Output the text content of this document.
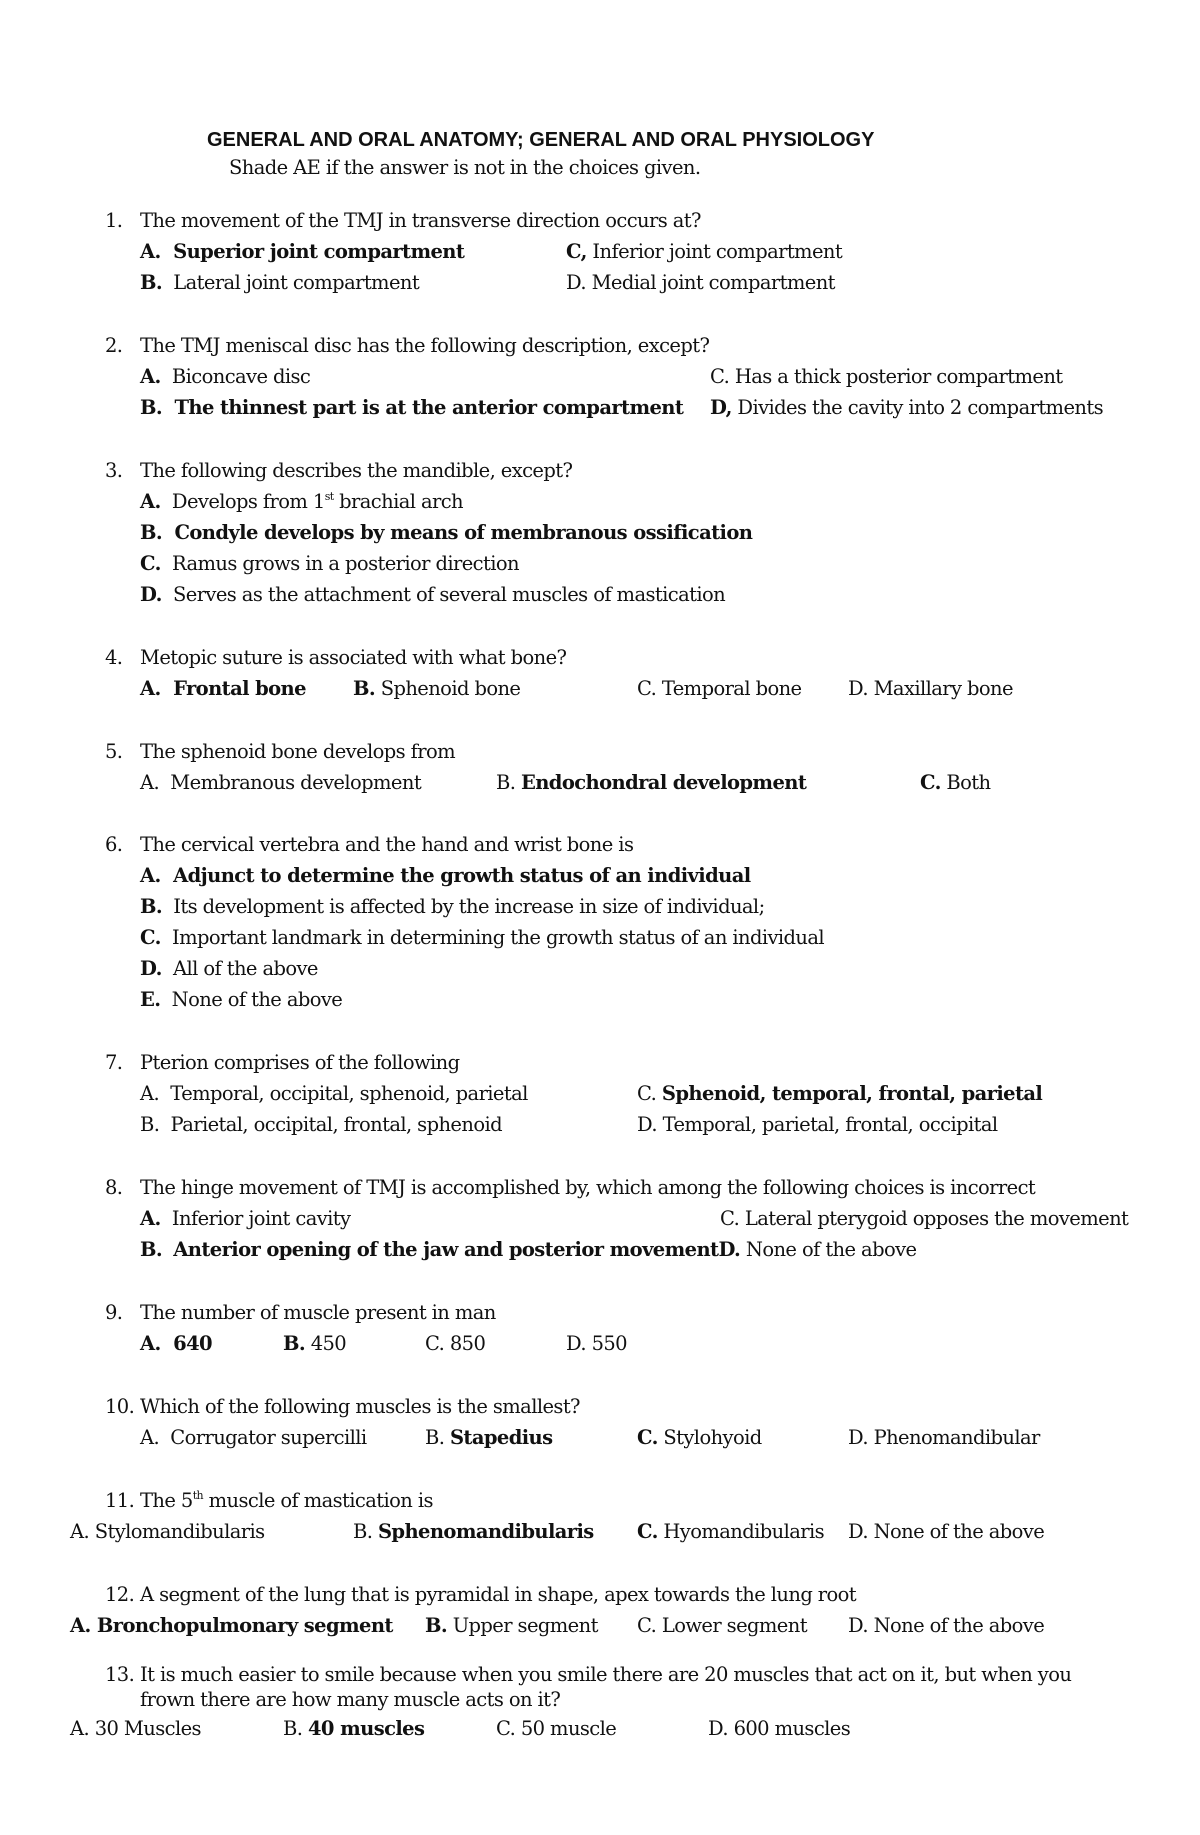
GENERAL AND ORAL ANATOMY; GENERAL AND ORAL PHYSIOLOGY
Shade AE if the answer is not in the choices given.
1. The movement of the TMJ in transverse direction occurs at?
A. Superior joint compartment	C, Inferior joint compartment
B. Lateral joint compartment	D. Medial joint compartment
2. The TMJ meniscal disc has the following description, except?
A. Biconcave disc	C. Has a thick posterior compartment
B. The thinnest part is at the anterior compartment D, Divides the cavity into 2 compartments
3. The following describes the mandible, except?
A. Develops from 1st brachial arch
B. Condyle develops by means of membranous ossification
C. Ramus grows in a posterior direction
D. Serves as the attachment of several muscles of mastication
4. Metopic suture is associated with what bone?
A. Frontal bone B. Sphenoid bone	C. Temporal bone D. Maxillary bone
5. The sphenoid bone develops from
A. Membranous development	B. Endochondral development	C. Both
6. The cervical vertebra and the hand and wrist bone is
A. Adjunct to determine the growth status of an individual
B. Its development is affected by the increase in size of individual;
C. Important landmark in determining the growth status of an individual
D. All of the above
E. None of the above
7. Pterion comprises of the following
A. Temporal, occipital, sphenoid, parietal	C. Sphenoid, temporal, frontal, parietal
B. Parietal, occipital, frontal, sphenoid	D. Temporal, parietal, frontal, occipital
8. The hinge movement of TMJ is accomplished by, which among the following choices is incorrect
A. Inferior joint cavity	C. Lateral pterygoid opposes the movement
B. Anterior opening of the jaw and posterior movementD. None of the above
9. The number of muscle present in man
A. 640	B. 450	C. 850	D. 550
10. Which of the following muscles is the smallest?
A. Corrugator supercilli	B. Stapedius	C. Stylohyoid	D. Phenomandibular
11. The 5th muscle of mastication is
A. Stylomandibularis	B. Sphenomandibularis C. Hyomandibularis D. None of the above
12. A segment of the lung that is pyramidal in shape, apex towards the lung root
A. Bronchopulmonary segment B. Upper segment C. Lower segment D. None of the above
13. It is much easier to smile because when you smile there are 20 muscles that act on it, but when you
frown there are how many muscle acts on it?
A. 30 Muscles	B. 40 muscles	C. 50 muscle	D. 600 muscles
